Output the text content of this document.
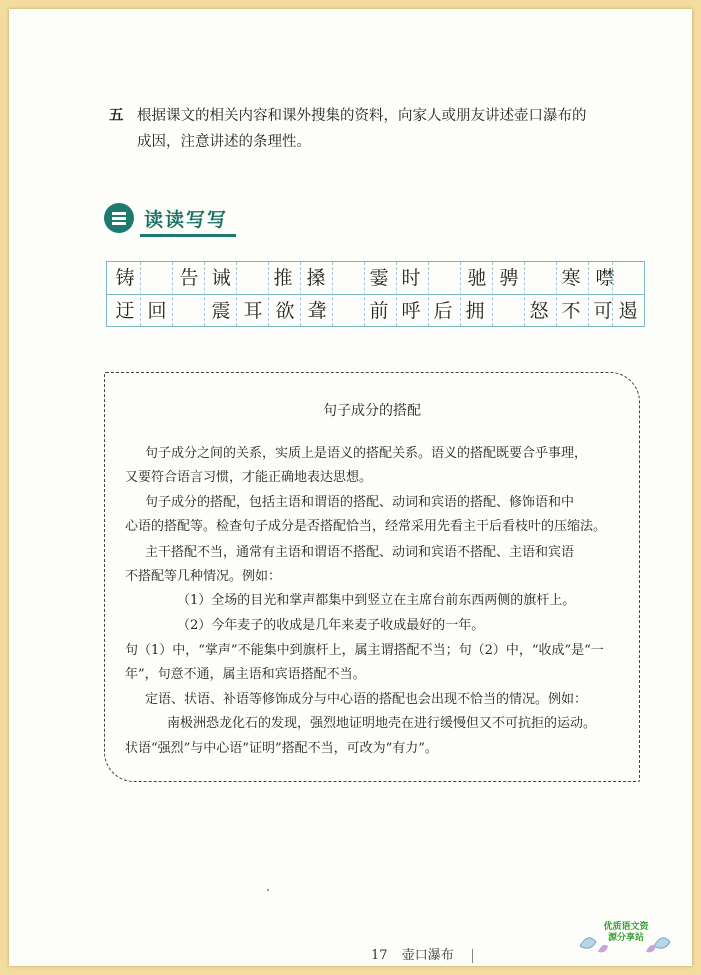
五 根据课文的相关内容和课外搜集的资料，向家人或朋友讲述壶口瀑布的
成因，注意讲述的条理性。
读读写写
铸	告 诫	推 搡	霎 时	驰 骋	寒 噤
迂 回	震 耳 欲 聋	前 呼 后 拥	怒 不 可 遏
句子成分的搭配
句子成分之间的关系，实质上是语义的搭配关系。语义的搭配既要合乎事理，
又要符合语言习惯，才能正确地表达思想。
句子成分的搭配，包括主语和谓语的搭配、动词和宾语的搭配、修饰语和中
心语的搭配等。检查句子成分是否搭配恰当，经常采用先看主干后看枝叶的压缩法。
主干搭配不当，通常有主语和谓语不搭配、动词和宾语不搭配、主语和宾语
不搭配等几种情况。例如：
（1）全场的目光和掌声都集中到竖立在主席台前东西两侧的旗杆上。
（2）今年麦子的收成是几年来麦子收成最好的一年。
句（1）中，“掌声”不能集中到旗杆上，属主谓搭配不当；句（2）中，“收成”是“一
年”，句意不通，属主语和宾语搭配不当。
定语、状语、补语等修饰成分与中心语的搭配也会出现不恰当的情况。例如：
南极洲恐龙化石的发现，强烈地证明地壳在进行缓慢但又不可抗拒的运动。
状语“强烈”与中心语“证明”搭配不当，可改为“有力”。
17 壶口瀑布
优质语文资源分享站
